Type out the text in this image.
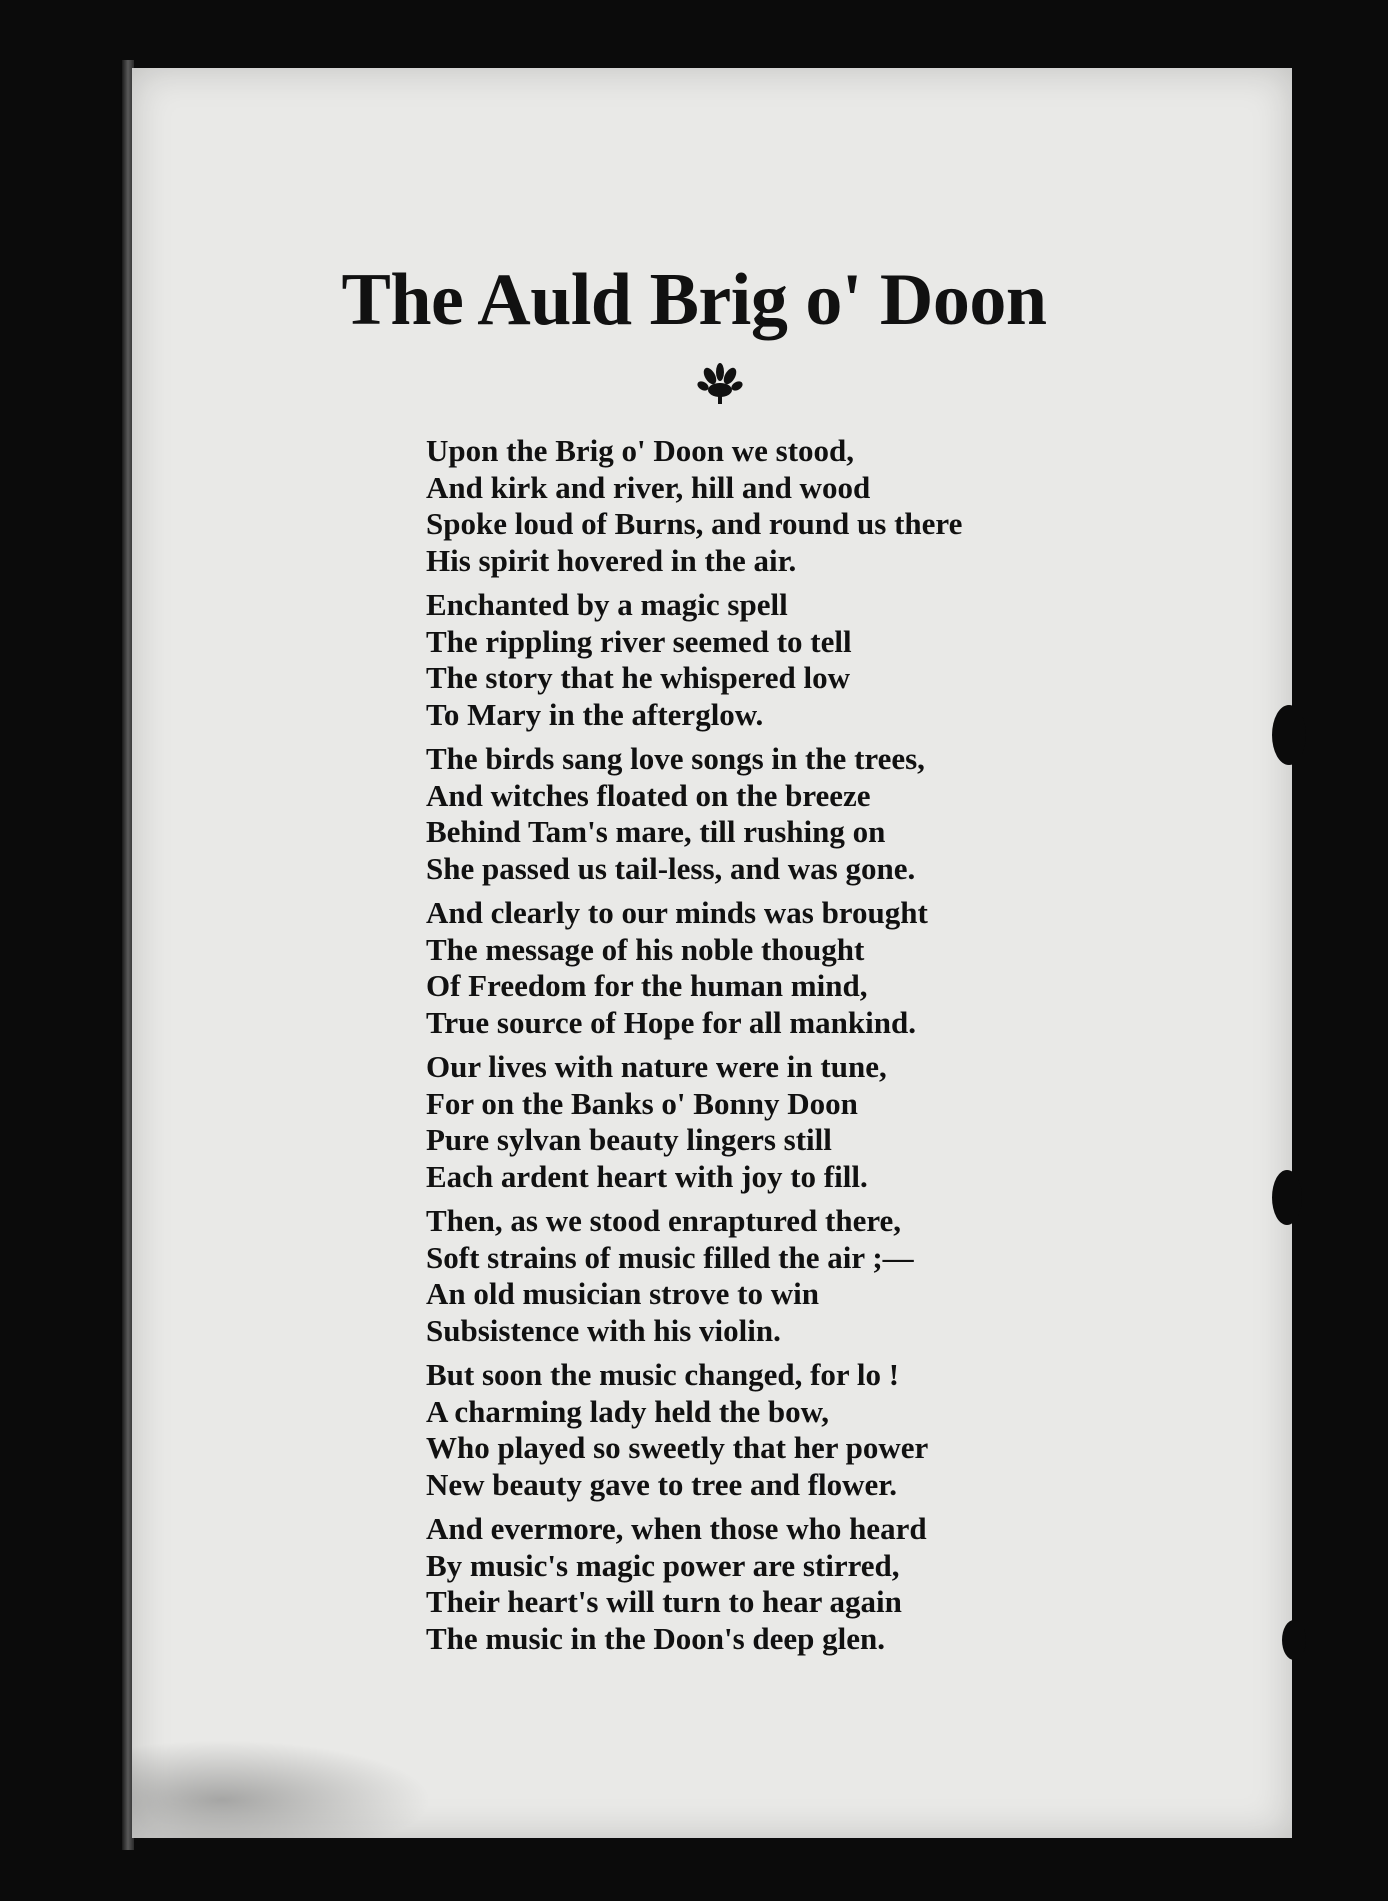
The Auld Brig o' Doon
Upon the Brig o' Doon we stood,
And kirk and river, hill and wood
Spoke loud of Burns, and round us there
His spirit hovered in the air.
Enchanted by a magic spell
The rippling river seemed to tell
The story that he whispered low
To Mary in the afterglow.
The birds sang love songs in the trees,
And witches floated on the breeze
Behind Tam's mare, till rushing on
She passed us tail-less, and was gone.
And clearly to our minds was brought
The message of his noble thought
Of Freedom for the human mind,
True source of Hope for all mankind.
Our lives with nature were in tune,
For on the Banks o' Bonny Doon
Pure sylvan beauty lingers still
Each ardent heart with joy to fill.
Then, as we stood enraptured there,
Soft strains of music filled the air ;—
An old musician strove to win
Subsistence with his violin.
But soon the music changed, for lo !
A charming lady held the bow,
Who played so sweetly that her power
New beauty gave to tree and flower.
And evermore, when those who heard
By music's magic power are stirred,
Their heart's will turn to hear again
The music in the Doon's deep glen.
